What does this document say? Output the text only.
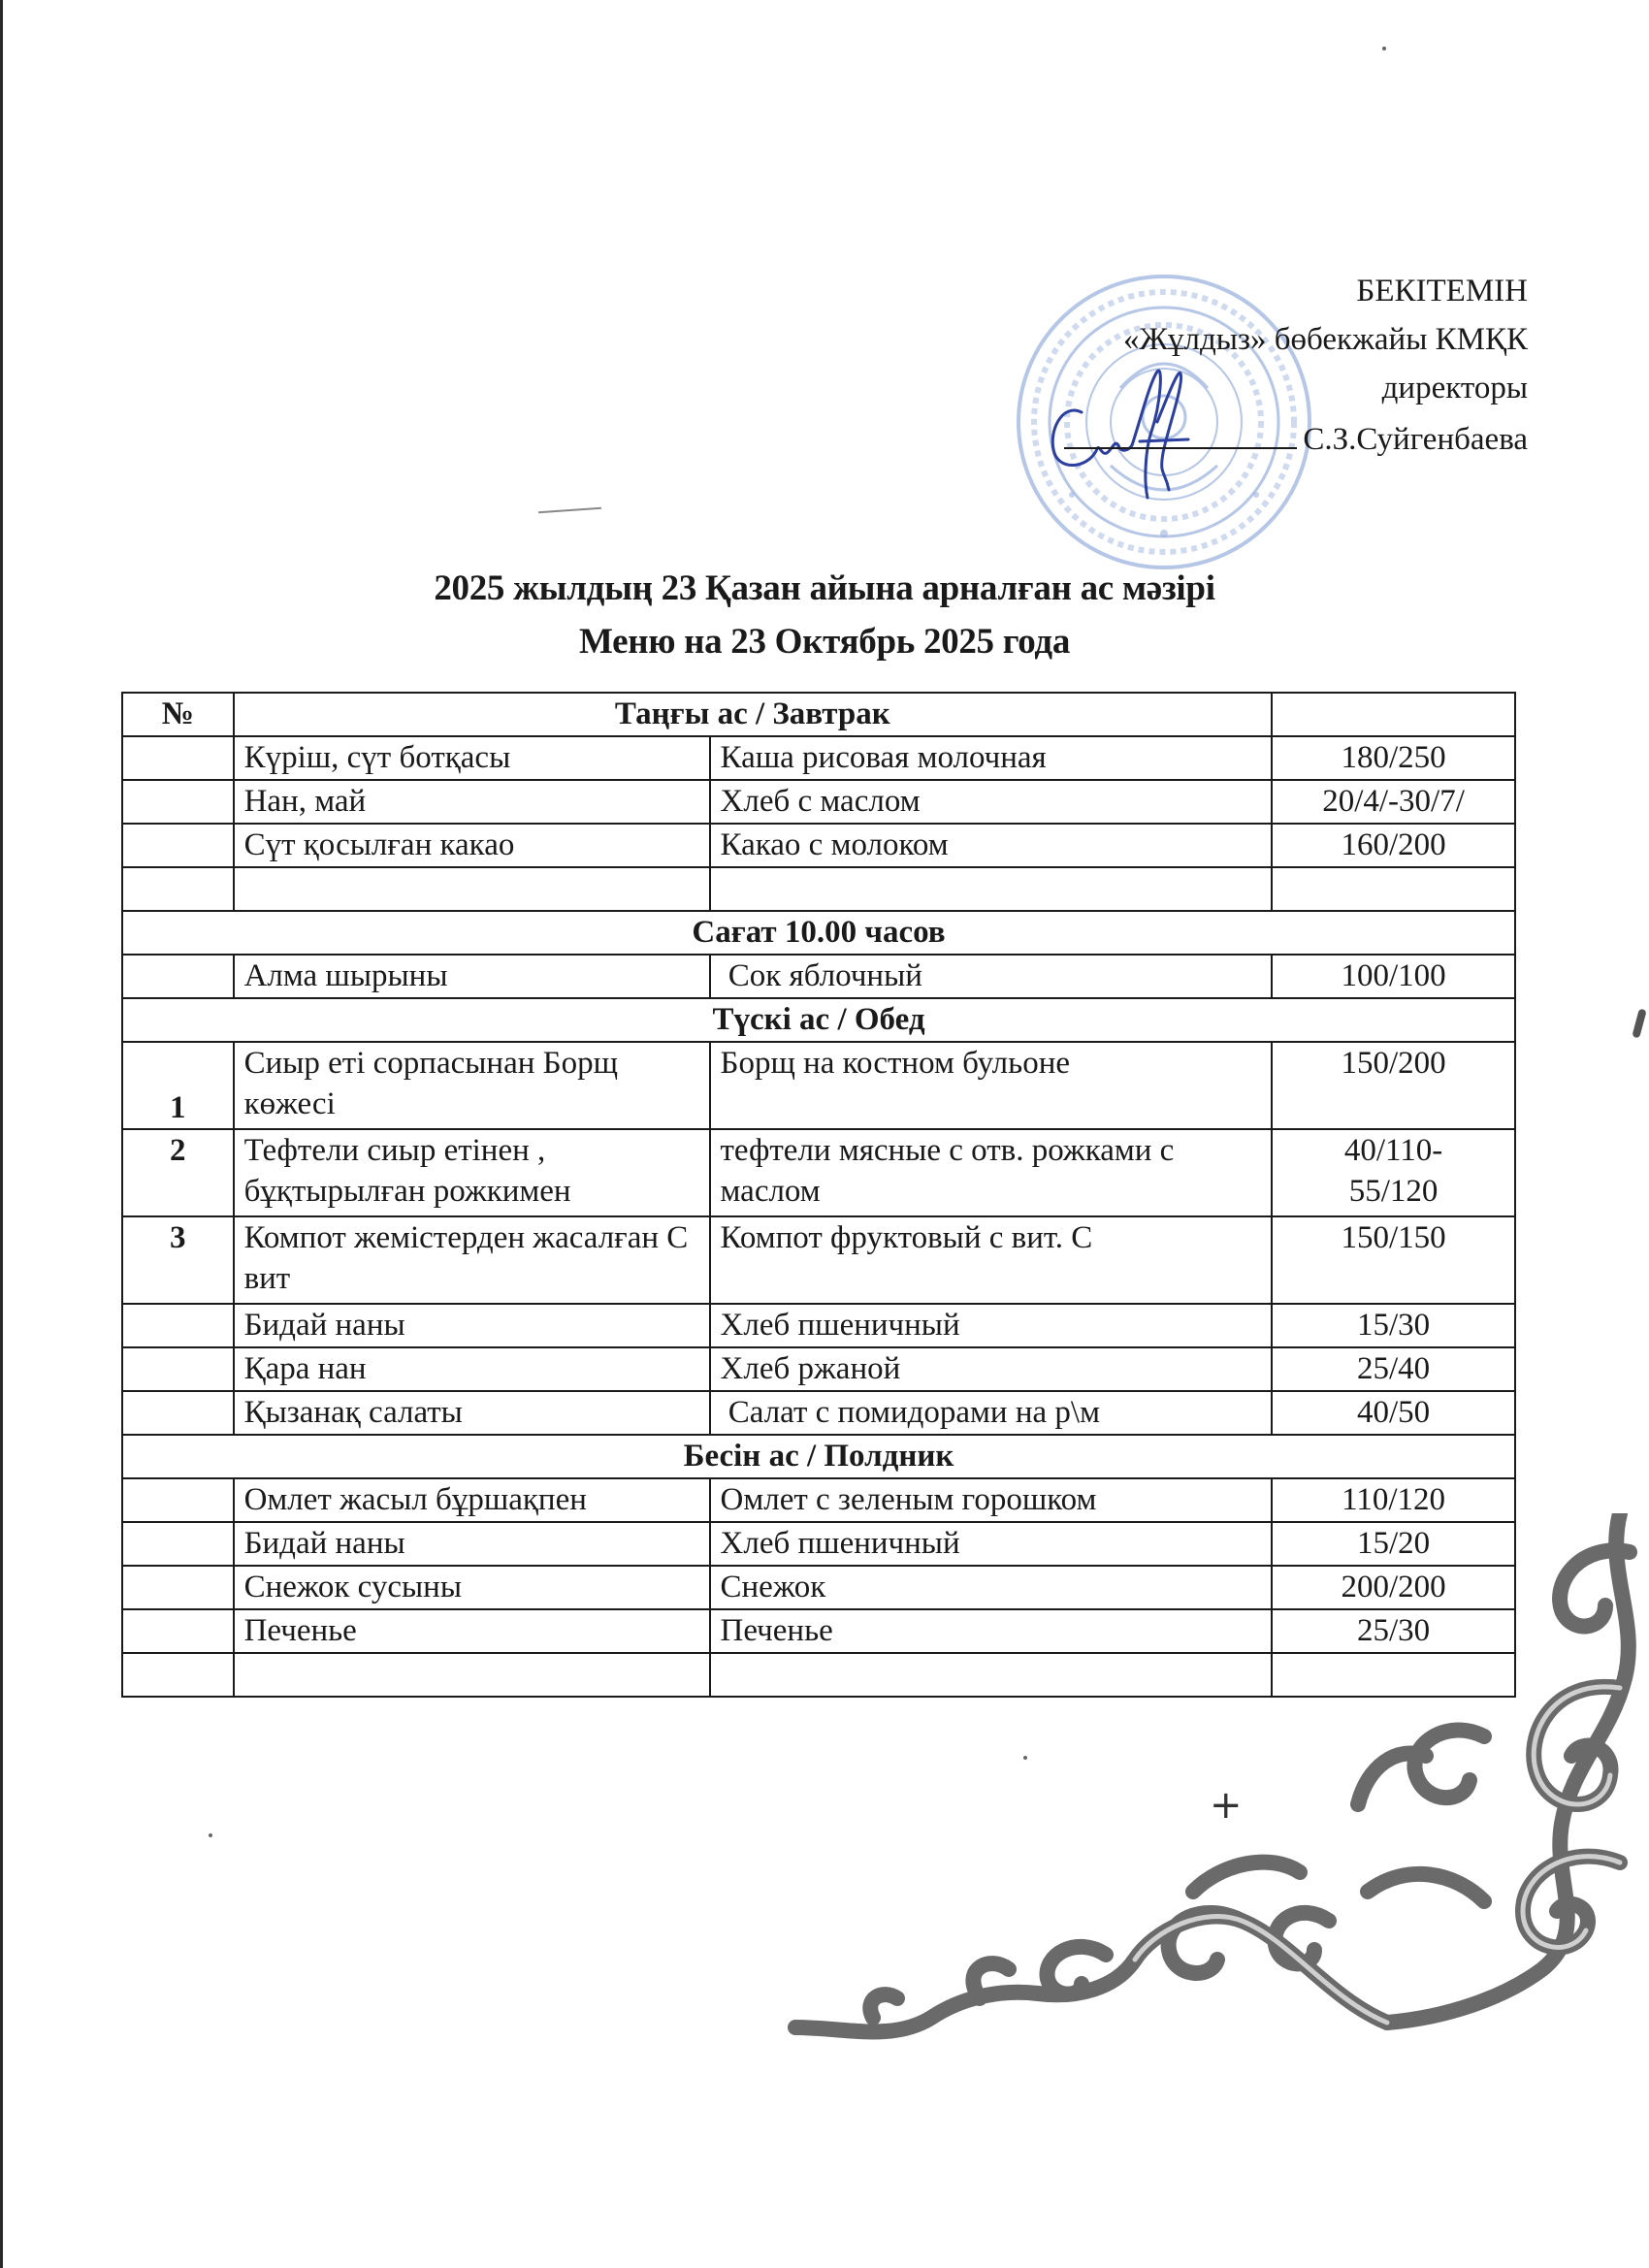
БЕКІТЕМІН
«Жұлдыз» бөбекжайы КМҚК
директоры
С.З.Суйгенбаева
2025 жылдың 23 Қазан айына арналған ас мәзірі
Меню на 23 Октябрь 2025 года
№	Таңғы ас / Завтрак		
	Күріш, сүт ботқасы	Каша рисовая молочная	180/250
	Нан, май	Хлеб с маслом	20/4/-30/7/
	Сүт қосылған какао	Какао с молоком	160/200

Сағат 10.00 часов			
	Алма шырыны	Сок яблочный	100/100
Түскі ас / Обед			
1	Сиыр еті сорпасынан Борщ көжесі	Борщ на костном бульоне	150/200
2	Тефтели сиыр етінен , бұқтырылған рожкимен	тефтели мясные с отв. рожками с маслом	40/110-55/120
3	Компот жемістерден жасалған С вит	Компот фруктовый с вит. С	150/150
	Бидай наны	Хлеб пшеничный	15/30
	Қара нан	Хлеб ржаной	25/40
	Қызанақ салаты	Салат с помидорами на р\м	40/50
Бесін ас / Полдник			
	Омлет жасыл бұршақпен	Омлет с зеленым горошком	110/120
	Бидай наны	Хлеб пшеничный	15/20
	Снежок сусыны	Снежок	200/200
	Печенье	Печенье	25/30

+
